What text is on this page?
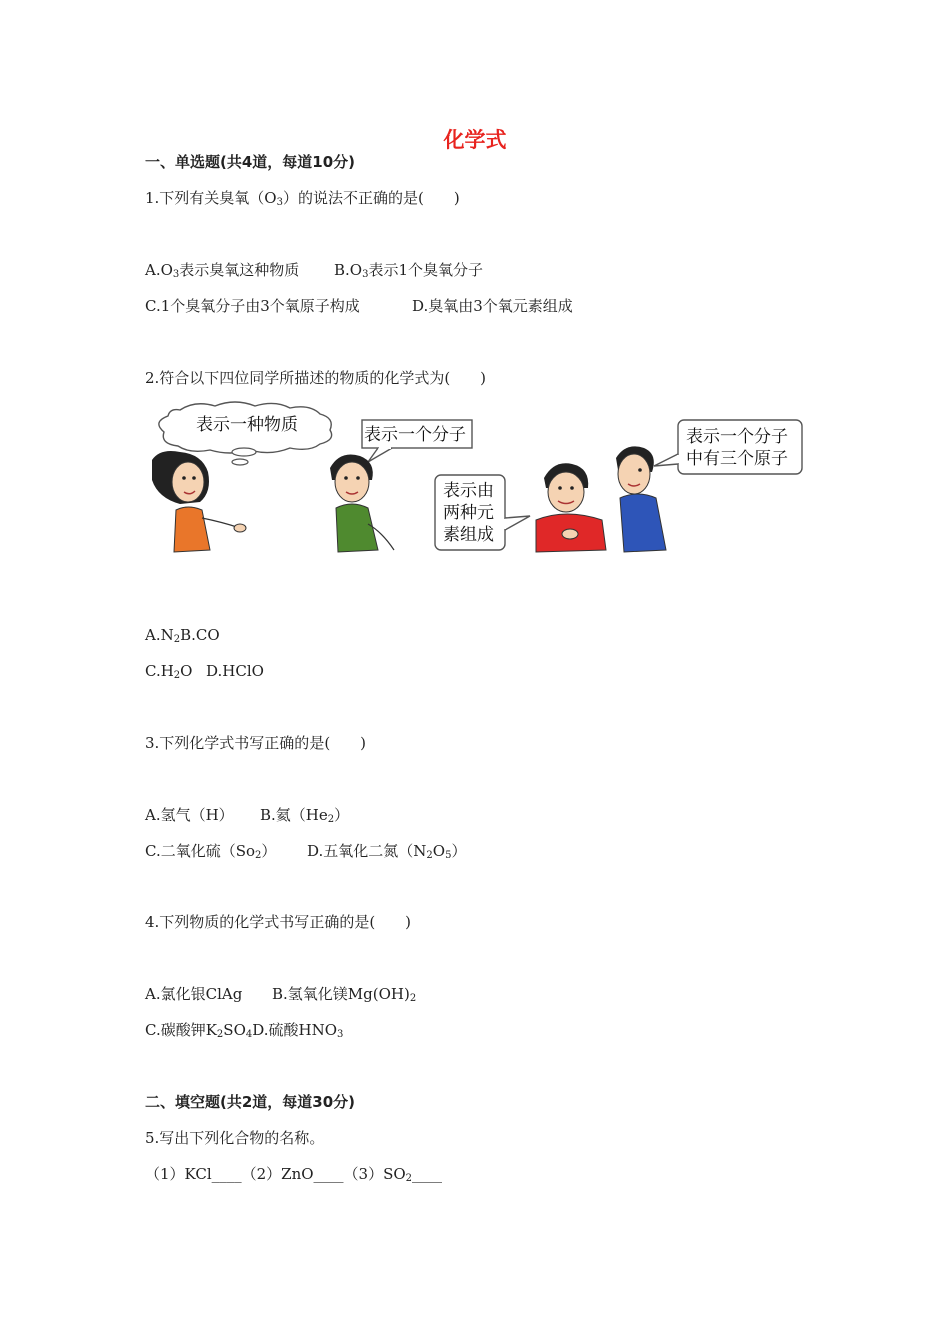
化学式
一、单选题(共4道，每道10分)
1.下列有关臭氧$(O_3)$的说法不正确的是(　　)
$A.O_3$表示臭氧这种物质 $B.O_3$表示1个臭氧分子
C.1个臭氧分子由3个氧原子构成	D.臭氧由3个氧元素组成
2.符合以下四位同学所描述的物质的化学式为(　　)
表示一种物质	表示一个分子
表示由
两种元
素组成
表示一个分子
中有三个原子
$A.N_2B.CO$
$C.H_2O$ D.HClO
3.下列化学式书写正确的是(　　)
A.氢气（H） B.氦$(He_2)$
C.二氧化硫$(So_2)$ D.五氧化二氮$(N_2O_5)$
4.下列物质的化学式书写正确的是(　　)
A.氯化银ClAg B.氢氧化镁$Mg(OH)_2$
C.碳酸钾$K_2SO_4D$.硫酸$HNO_3$
二、填空题(共2道，每道30分)
5.写出下列化合物的名称。
$(1)KCl\_\_\_\_(2)ZnO\_\_\_\_(3)SO_2\_\_\_\_$
